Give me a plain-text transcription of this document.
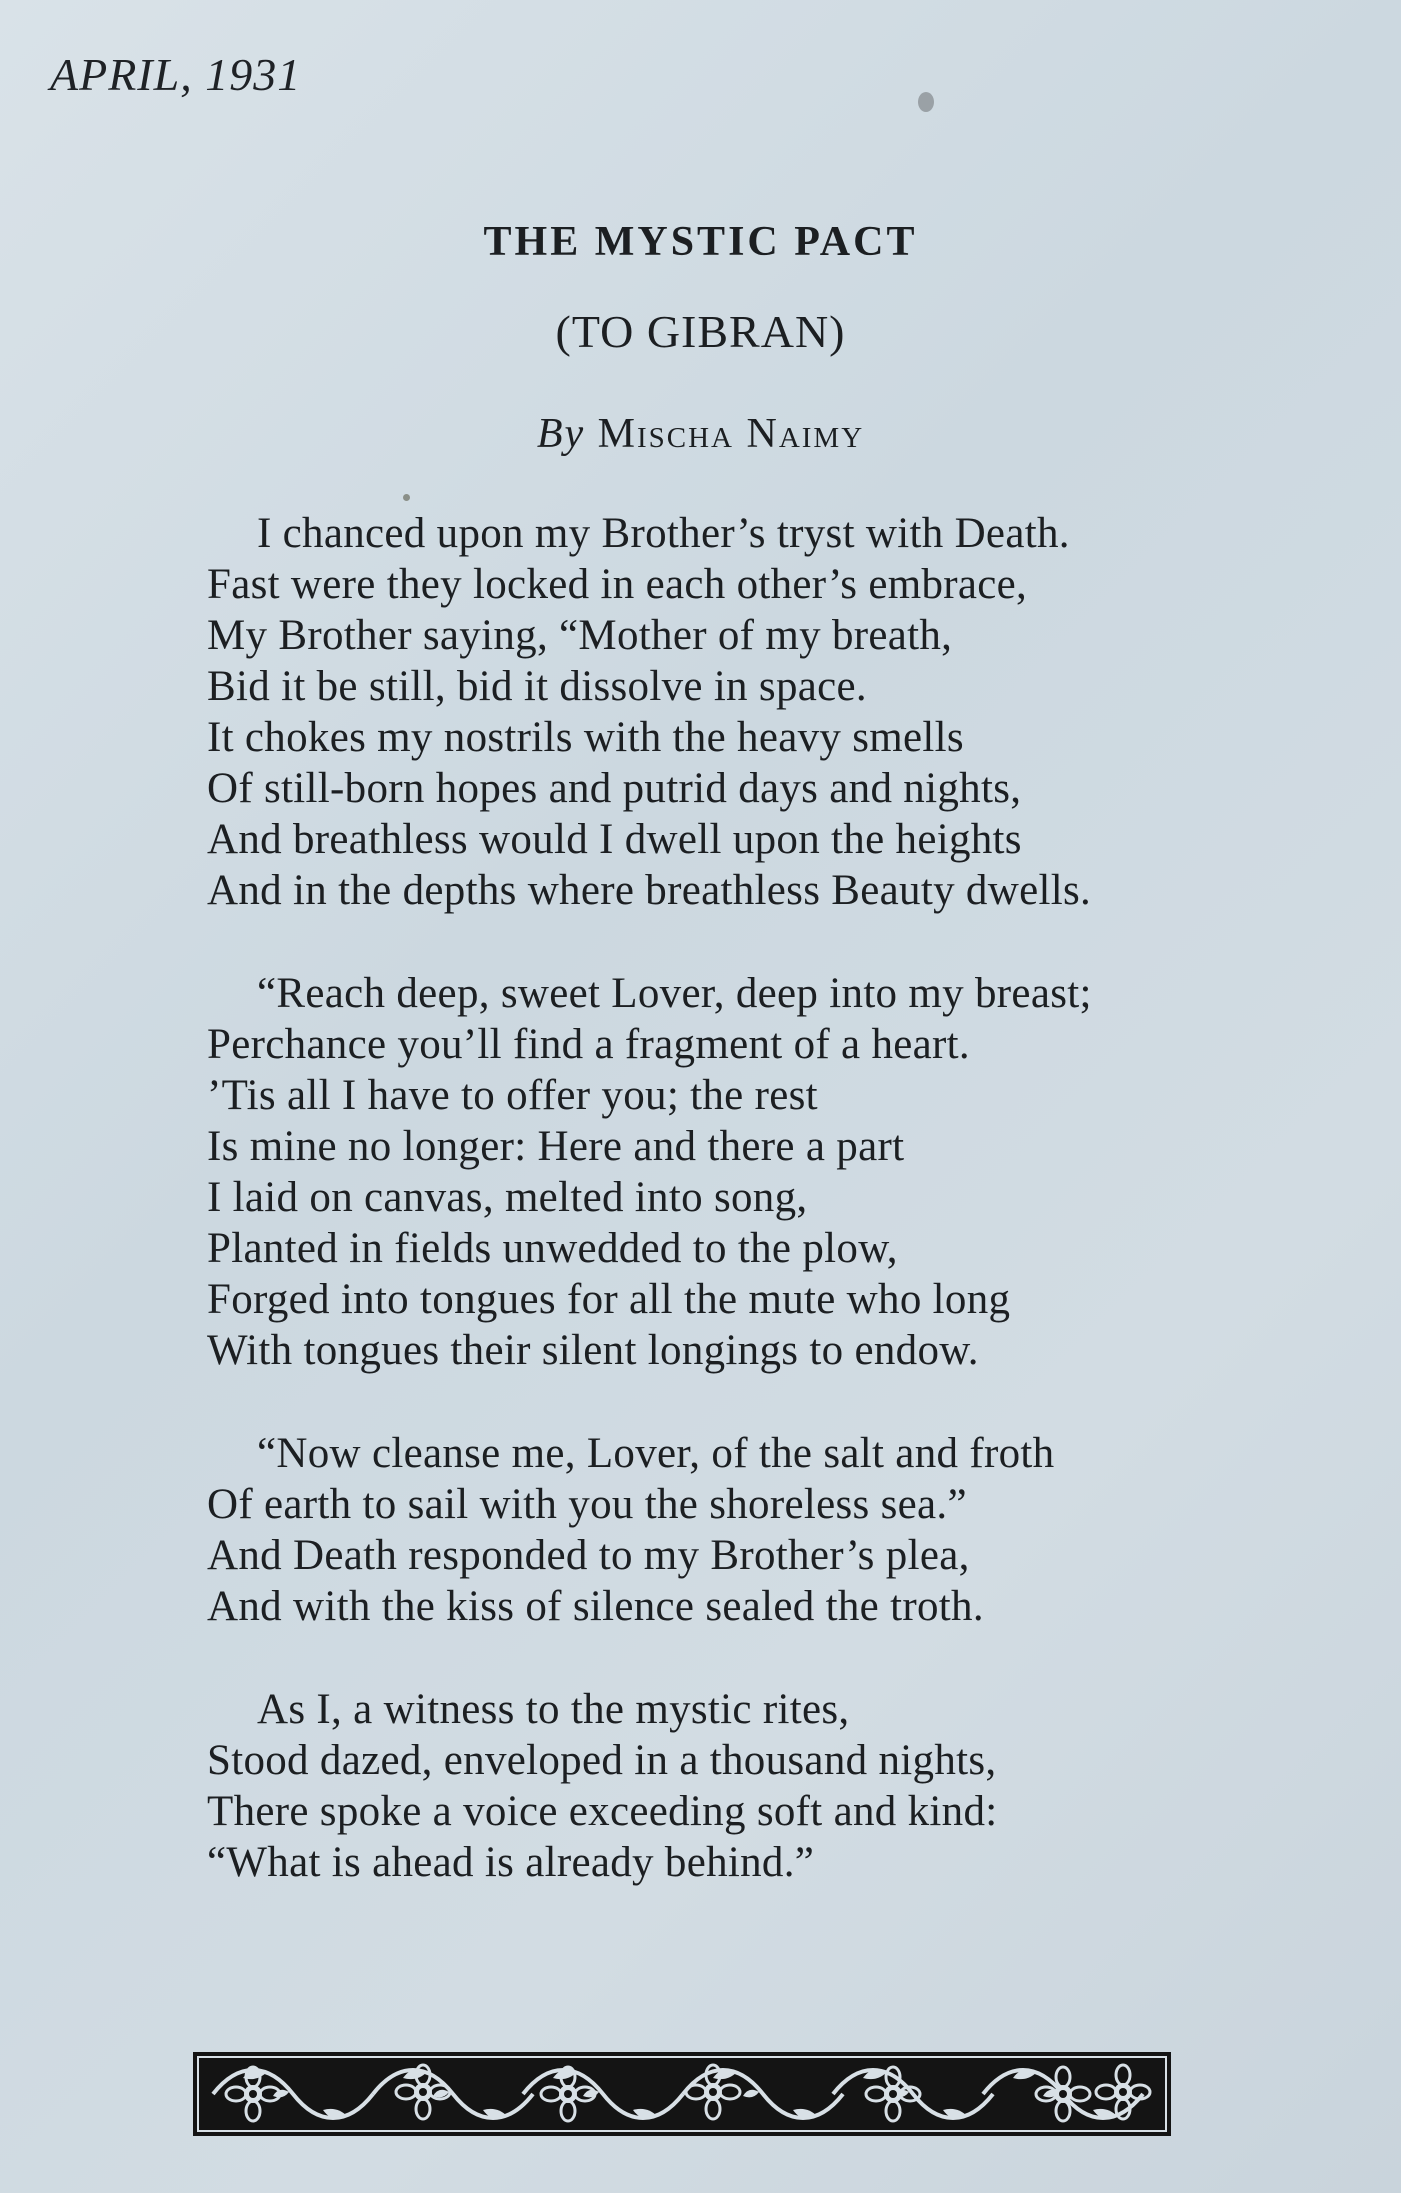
APRIL, 1931
THE MYSTIC PACT
(TO GIBRAN)
By Mischa Naimy
I chanced upon my Brother’s tryst with Death.
Fast were they locked in each other’s embrace,
My Brother saying, “Mother of my breath,
Bid it be still, bid it dissolve in space.
It chokes my nostrils with the heavy smells
Of still-born hopes and putrid days and nights,
And breathless would I dwell upon the heights
And in the depths where breathless Beauty dwells.
“Reach deep, sweet Lover, deep into my breast;
Perchance you’ll find a fragment of a heart.
’Tis all I have to offer you; the rest
Is mine no longer: Here and there a part
I laid on canvas, melted into song,
Planted in fields unwedded to the plow,
Forged into tongues for all the mute who long
With tongues their silent longings to endow.
“Now cleanse me, Lover, of the salt and froth
Of earth to sail with you the shoreless sea.”
And Death responded to my Brother’s plea,
And with the kiss of silence sealed the troth.
As I, a witness to the mystic rites,
Stood dazed, enveloped in a thousand nights,
There spoke a voice exceeding soft and kind:
“What is ahead is already behind.”
